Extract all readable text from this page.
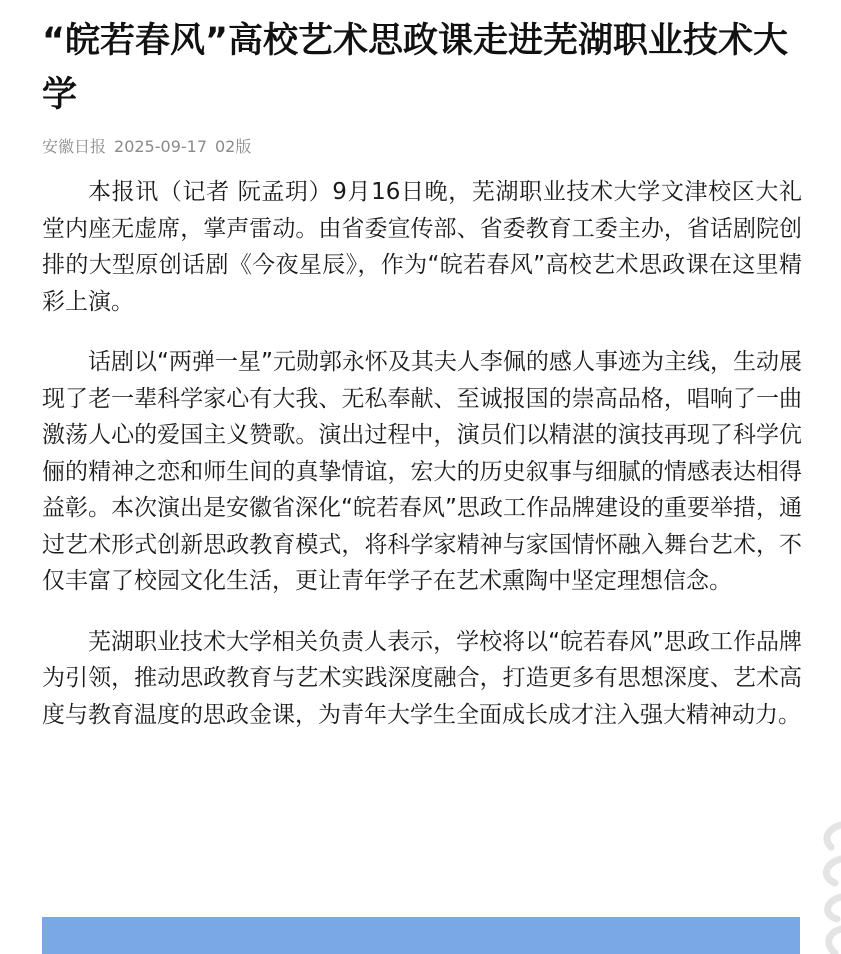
“皖若春风”高校艺术思政课走进芜湖职业技术大学
安徽日报 2025-09-17 02版

本报讯（记者 阮孟玥）9月16日晚，芜湖职业技术大学文津校区大礼堂内座无虚席，掌声雷动。由省委宣传部、省委教育工委主办，省话剧院创排的大型原创话剧《今夜星辰》，作为“皖若春风”高校艺术思政课在这里精彩上演。

话剧以“两弹一星”元勋郭永怀及其夫人李佩的感人事迹为主线，生动展现了老一辈科学家心有大我、无私奉献、至诚报国的崇高品格，唱响了一曲激荡人心的爱国主义赞歌。演出过程中，演员们以精湛的演技再现了科学伉俪的精神之恋和师生间的真挚情谊，宏大的历史叙事与细腻的情感表达相得益彰。本次演出是安徽省深化“皖若春风”思政工作品牌建设的重要举措，通过艺术形式创新思政教育模式，将科学家精神与家国情怀融入舞台艺术，不仅丰富了校园文化生活，更让青年学子在艺术熏陶中坚定理想信念。

芜湖职业技术大学相关负责人表示，学校将以“皖若春风”思政工作品牌为引领，推动思政教育与艺术实践深度融合，打造更多有思想深度、艺术高度与教育温度的思政金课，为青年大学生全面成长成才注入强大精神动力。
